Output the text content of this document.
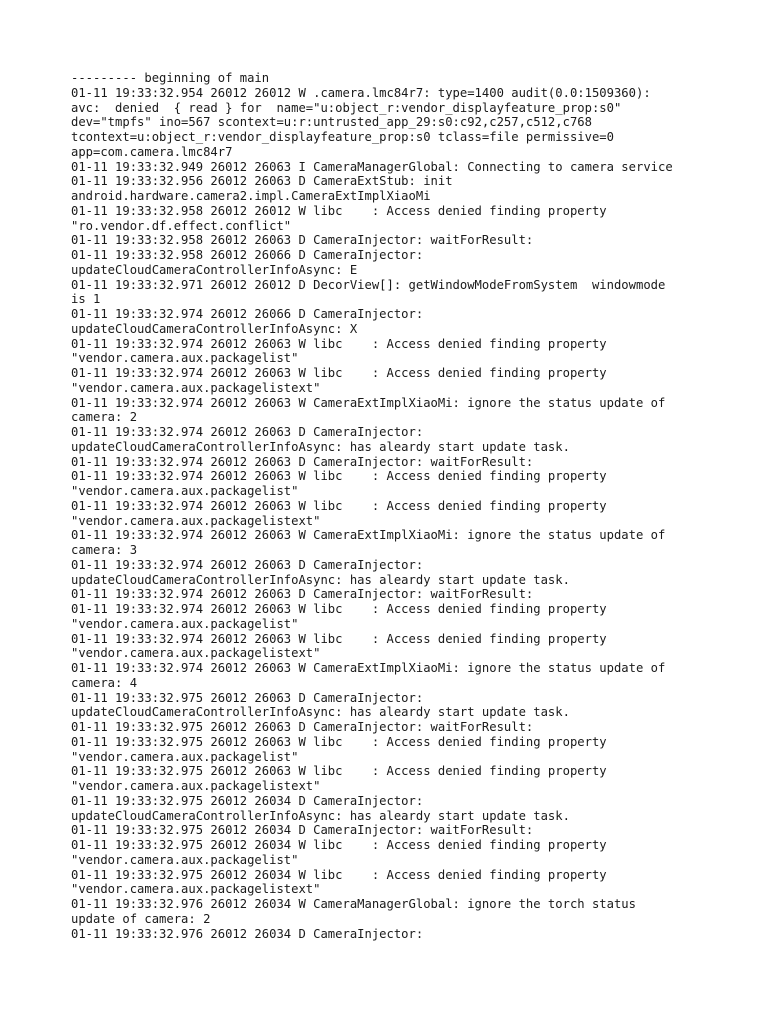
--------- beginning of main
01-11 19:33:32.954 26012 26012 W .camera.lmc84r7: type=1400 audit(0.0:1509360):
avc:  denied  { read } for  name="u:object_r:vendor_displayfeature_prop:s0"
dev="tmpfs" ino=567 scontext=u:r:untrusted_app_29:s0:c92,c257,c512,c768
tcontext=u:object_r:vendor_displayfeature_prop:s0 tclass=file permissive=0
app=com.camera.lmc84r7
01-11 19:33:32.949 26012 26063 I CameraManagerGlobal: Connecting to camera service
01-11 19:33:32.956 26012 26063 D CameraExtStub: init
android.hardware.camera2.impl.CameraExtImplXiaoMi
01-11 19:33:32.958 26012 26012 W libc    : Access denied finding property
"ro.vendor.df.effect.conflict"
01-11 19:33:32.958 26012 26063 D CameraInjector: waitForResult:
01-11 19:33:32.958 26012 26066 D CameraInjector:
updateCloudCameraControllerInfoAsync: E
01-11 19:33:32.971 26012 26012 D DecorView[]: getWindowModeFromSystem  windowmode
is 1
01-11 19:33:32.974 26012 26066 D CameraInjector:
updateCloudCameraControllerInfoAsync: X
01-11 19:33:32.974 26012 26063 W libc    : Access denied finding property
"vendor.camera.aux.packagelist"
01-11 19:33:32.974 26012 26063 W libc    : Access denied finding property
"vendor.camera.aux.packagelistext"
01-11 19:33:32.974 26012 26063 W CameraExtImplXiaoMi: ignore the status update of
camera: 2
01-11 19:33:32.974 26012 26063 D CameraInjector:
updateCloudCameraControllerInfoAsync: has aleardy start update task.
01-11 19:33:32.974 26012 26063 D CameraInjector: waitForResult:
01-11 19:33:32.974 26012 26063 W libc    : Access denied finding property
"vendor.camera.aux.packagelist"
01-11 19:33:32.974 26012 26063 W libc    : Access denied finding property
"vendor.camera.aux.packagelistext"
01-11 19:33:32.974 26012 26063 W CameraExtImplXiaoMi: ignore the status update of
camera: 3
01-11 19:33:32.974 26012 26063 D CameraInjector:
updateCloudCameraControllerInfoAsync: has aleardy start update task.
01-11 19:33:32.974 26012 26063 D CameraInjector: waitForResult:
01-11 19:33:32.974 26012 26063 W libc    : Access denied finding property
"vendor.camera.aux.packagelist"
01-11 19:33:32.974 26012 26063 W libc    : Access denied finding property
"vendor.camera.aux.packagelistext"
01-11 19:33:32.974 26012 26063 W CameraExtImplXiaoMi: ignore the status update of
camera: 4
01-11 19:33:32.975 26012 26063 D CameraInjector:
updateCloudCameraControllerInfoAsync: has aleardy start update task.
01-11 19:33:32.975 26012 26063 D CameraInjector: waitForResult:
01-11 19:33:32.975 26012 26063 W libc    : Access denied finding property
"vendor.camera.aux.packagelist"
01-11 19:33:32.975 26012 26063 W libc    : Access denied finding property
"vendor.camera.aux.packagelistext"
01-11 19:33:32.975 26012 26034 D CameraInjector:
updateCloudCameraControllerInfoAsync: has aleardy start update task.
01-11 19:33:32.975 26012 26034 D CameraInjector: waitForResult:
01-11 19:33:32.975 26012 26034 W libc    : Access denied finding property
"vendor.camera.aux.packagelist"
01-11 19:33:32.975 26012 26034 W libc    : Access denied finding property
"vendor.camera.aux.packagelistext"
01-11 19:33:32.976 26012 26034 W CameraManagerGlobal: ignore the torch status
update of camera: 2
01-11 19:33:32.976 26012 26034 D CameraInjector:
